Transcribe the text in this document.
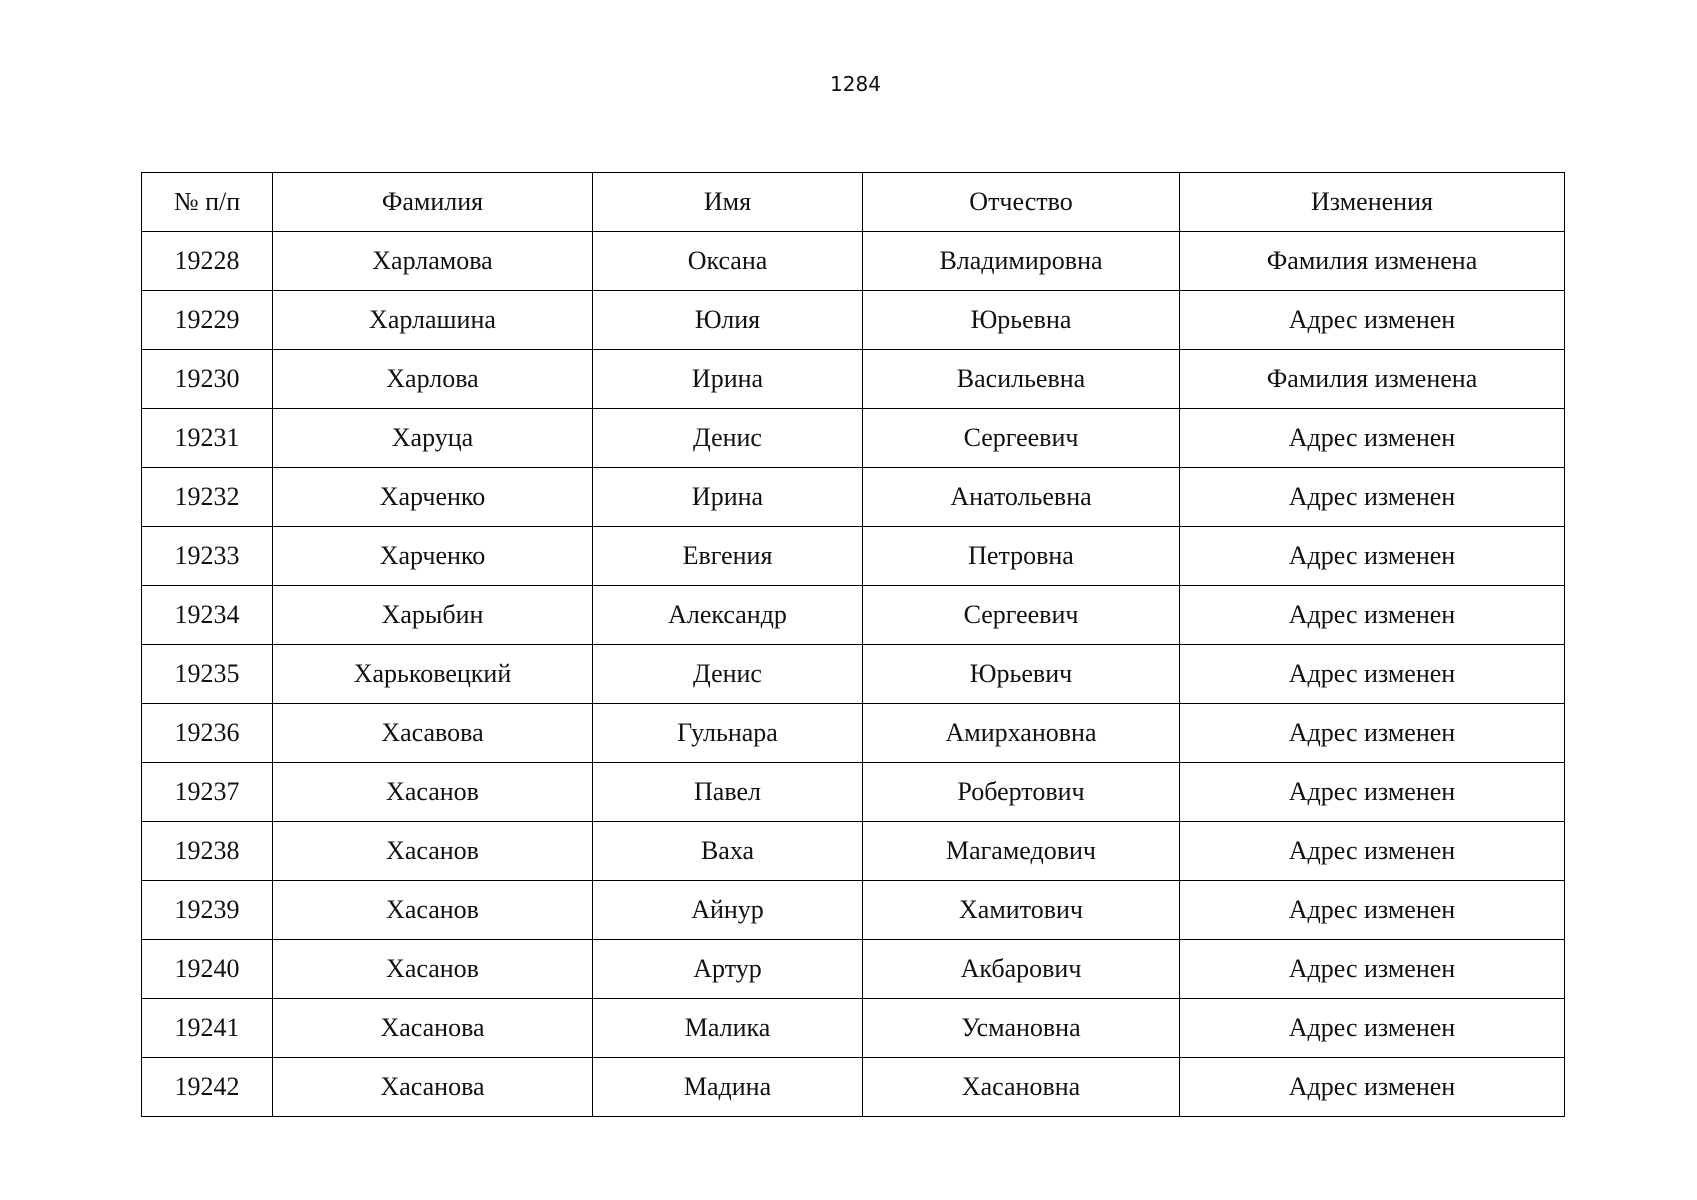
1284
№ п/п	Фамилия	Имя	Отчество	Изменения
19228	Харламова	Оксана	Владимировна	Фамилия изменена
19229	Харлашина	Юлия	Юрьевна	Адрес изменен
19230	Харлова	Ирина	Васильевна	Фамилия изменена
19231	Харуца	Денис	Сергеевич	Адрес изменен
19232	Харченко	Ирина	Анатольевна	Адрес изменен
19233	Харченко	Евгения	Петровна	Адрес изменен
19234	Харыбин	Александр	Сергеевич	Адрес изменен
19235	Харьковецкий	Денис	Юрьевич	Адрес изменен
19236	Хасавова	Гульнара	Амирхановна	Адрес изменен
19237	Хасанов	Павел	Робертович	Адрес изменен
19238	Хасанов	Ваха	Магамедович	Адрес изменен
19239	Хасанов	Айнур	Хамитович	Адрес изменен
19240	Хасанов	Артур	Акбарович	Адрес изменен
19241	Хасанова	Малика	Усмановна	Адрес изменен
19242	Хасанова	Мадина	Хасановна	Адрес изменен
